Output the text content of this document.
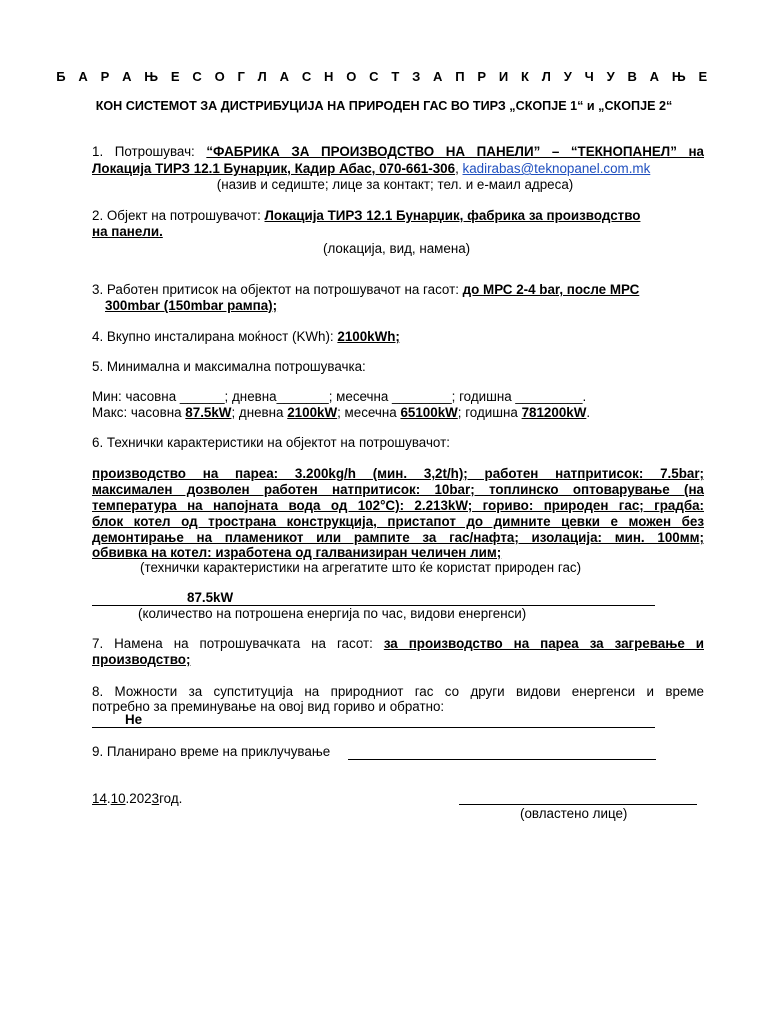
Б А Р А Њ Е С О Г Л А С Н О С Т З А П Р И К Л У Ч У В А Њ Е
КОН СИСТЕМОТ ЗА ДИСТРИБУЦИЈА НА ПРИРОДЕН ГАС ВО ТИРЗ „СКОПЈЕ 1“ и „СКОПЈЕ 2“
1. Потрошувач: “ФАБРИКА ЗА ПРОИЗВОДСТВО НА ПАНЕЛИ” – “ТЕКНОПАНЕЛ” на
Локација ТИРЗ 12.1 Бунарџик, Кадир Абас, 070-661-306, kadirabas@teknopanel.com.mk
(назив и седиште; лице за контакт; тел. и е-маил адреса)
2. Објект на потрошувачот: Локација ТИРЗ 12.1 Бунарџик, фабрика за производство
на панели.
(локација, вид, намена)
3. Работен притисок на објектот на потрошувачот на гасот: до МРС 2-4 bar, после МРС
300mbar (150mbar рампа);
4. Вкупно инсталирана моќност (KWh): 2100kWh;
5. Минимална и максимална потрошувачка:
Мин: часовна ______; дневна_______; месечна ________; годишна _________.
Макс: часовна 87.5kW; дневна 2100kW; месечна 65100kW; годишна 781200kW.
6. Технички карактеристики на објектот на потрошувачот:
производство на пареа: 3.200kg/h (мин. 3,2t/h); работен натпритисок: 7.5bar;
максимален дозволен работен натпритисок: 10bar; топлинско оптоварување (на
температура на напојната вода од 102°C): 2.213kW; гориво: природен гас; градба:
блок котел од тространа конструкција, пристапот до димните цевки е можен без
демонтирање на пламеникот или рампите за гас/нафта; изолација: мин. 100мм;
обвивка на котел: изработена од галванизиран челичен лим;
(технички карактеристики на агрегатите што ќе користат природен гас)
87.5kW
(количество на потрошена енергија по час, видови енергенси)
7. Намена на потрошувачката на гасот: за производство на пареа за загревање и
производство;
8. Можности за супституција на природниот гас со други видови енергенси и време
потребно за преминување на овој вид гориво и обратно:
Не
9. Планирано време на приклучување
14.10.2023год.
(овластено лице)
